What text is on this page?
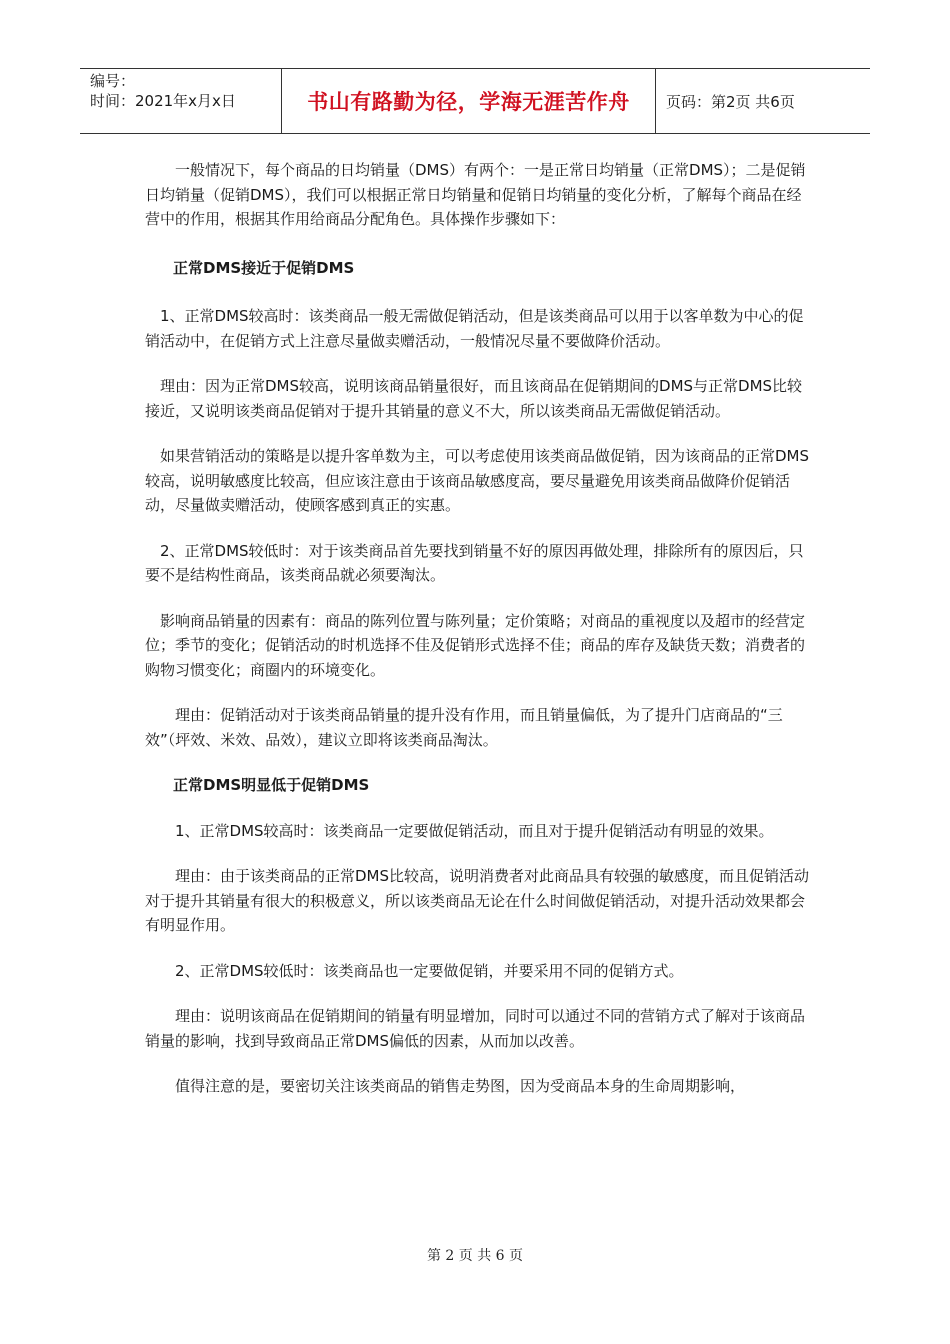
编号：
时间：2021年x月x日	书山有路勤为径，学海无涯苦作舟 页码：第2页 共6页

　　一般情况下，每个商品的日均销量（DMS）有两个：一是正常日均销量（正常DMS）；二是促销日均销量（促销DMS），我们可以根据正常日均销量和促销日均销量的变化分析，了解每个商品在经营中的作用，根据其作用给商品分配角色。具体操作步骤如下：

正常DMS接近于促销DMS

　1、正常DMS较高时：该类商品一般无需做促销活动，但是该类商品可以用于以客单数为中心的促销活动中，在促销方式上注意尽量做卖赠活动，一般情况尽量不要做降价活动。

　理由：因为正常DMS较高，说明该商品销量很好，而且该商品在促销期间的DMS与正常DMS比较接近，又说明该类商品促销对于提升其销量的意义不大，所以该类商品无需做促销活动。

　如果营销活动的策略是以提升客单数为主，可以考虑使用该类商品做促销，因为该商品的正常DMS较高，说明敏感度比较高，但应该注意由于该商品敏感度高，要尽量避免用该类商品做降价促销活动，尽量做卖赠活动，使顾客感到真正的实惠。

　2、正常DMS较低时：对于该类商品首先要找到销量不好的原因再做处理，排除所有的原因后，只要不是结构性商品，该类商品就必须要淘汰。

　影响商品销量的因素有：商品的陈列位置与陈列量；定价策略；对商品的重视度以及超市的经营定位；季节的变化；促销活动的时机选择不佳及促销形式选择不佳；商品的库存及缺货天数；消费者的购物习惯变化；商圈内的环境变化。

　　理由：促销活动对于该类商品销量的提升没有作用，而且销量偏低，为了提升门店商品的“三效”（坪效、米效、品效），建议立即将该类商品淘汰。

正常DMS明显低于促销DMS

　　1、正常DMS较高时：该类商品一定要做促销活动，而且对于提升促销活动有明显的效果。

　　理由：由于该类商品的正常DMS比较高，说明消费者对此商品具有较强的敏感度，而且促销活动对于提升其销量有很大的积极意义，所以该类商品无论在什么时间做促销活动，对提升活动效果都会有明显作用。

　　2、正常DMS较低时：该类商品也一定要做促销，并要采用不同的促销方式。

　　理由：说明该商品在促销期间的销量有明显增加，同时可以通过不同的营销方式了解对于该商品销量的影响，找到导致商品正常DMS偏低的因素，从而加以改善。

　　值得注意的是，要密切关注该类商品的销售走势图，因为受商品本身的生命周期影响，

第 2 页 共 6 页
